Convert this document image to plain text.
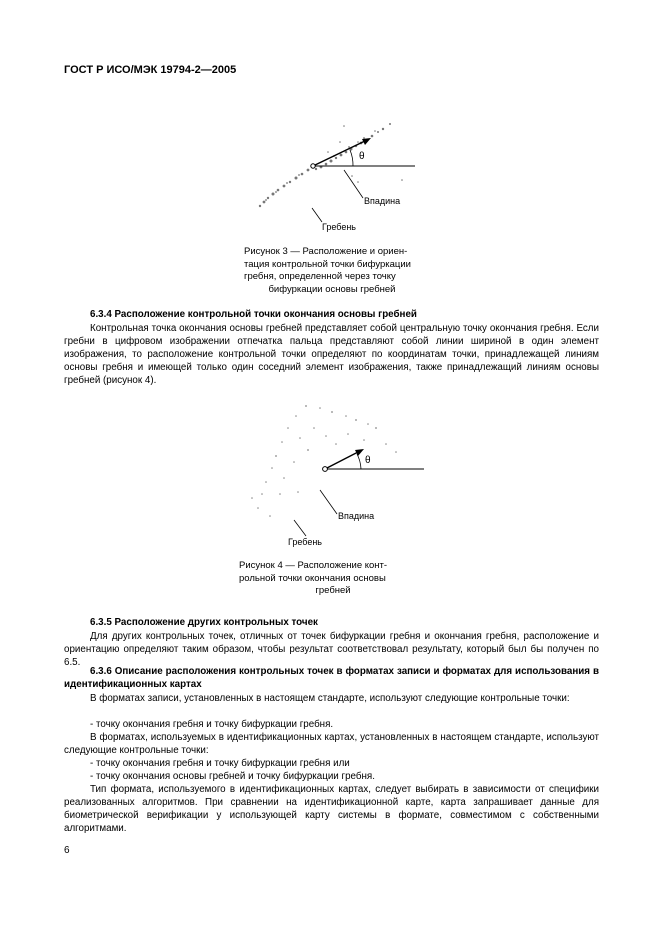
ГОСТ Р ИСО/МЭК 19794-2—2005
θ
Впадина
Гребень
Рисунок 3 — Расположение и ориен-
тация контрольной точки бифуркации
гребня, определенной через точку
бифуркации основы гребней
6.3.4 Расположение контрольной точки окончания основы гребней
Контрольная точка окончания основы гребней представляет собой центральную точку окончания гребня. Если гребни в цифровом изображении отпечатка пальца представляют собой линии шириной в один элемент изображения, то расположение контрольной точки определяют по координатам точки, принадлежащей линиям основы гребня и имеющей только один соседний элемент изображения, также принадлежащий линиям основы гребней (рисунок 4).
θ
Впадина
Гребень
Рисунок 4 — Расположение конт-
рольной точки окончания основы
гребней
6.3.5 Расположение других контрольных точек
Для других контрольных точек, отличных от точек бифуркации гребня и окончания гребня, расположение и ориентацию определяют таким образом, чтобы результат соответствовал результату, который был бы получен по 6.5.
6.3.6 Описание расположения контрольных точек в форматах записи и форматах для использования в идентификационных картах
В форматах записи, установленных в настоящем стандарте, используют следующие контрольные точки:
- точку окончания гребня и точку бифуркации гребня.
В форматах, используемых в идентификационных картах, установленных в настоящем стандарте, используют следующие контрольные точки:
- точку окончания гребня и точку бифуркации гребня или
- точку окончания основы гребней и точку бифуркации гребня.
Тип формата, используемого в идентификационных картах, следует выбирать в зависимости от специфики реализованных алгоритмов. При сравнении на идентификационной карте, карта запрашивает данные для биометрической верификации у использующей карту системы в формате, совместимом с собственными алгоритмами.
6
